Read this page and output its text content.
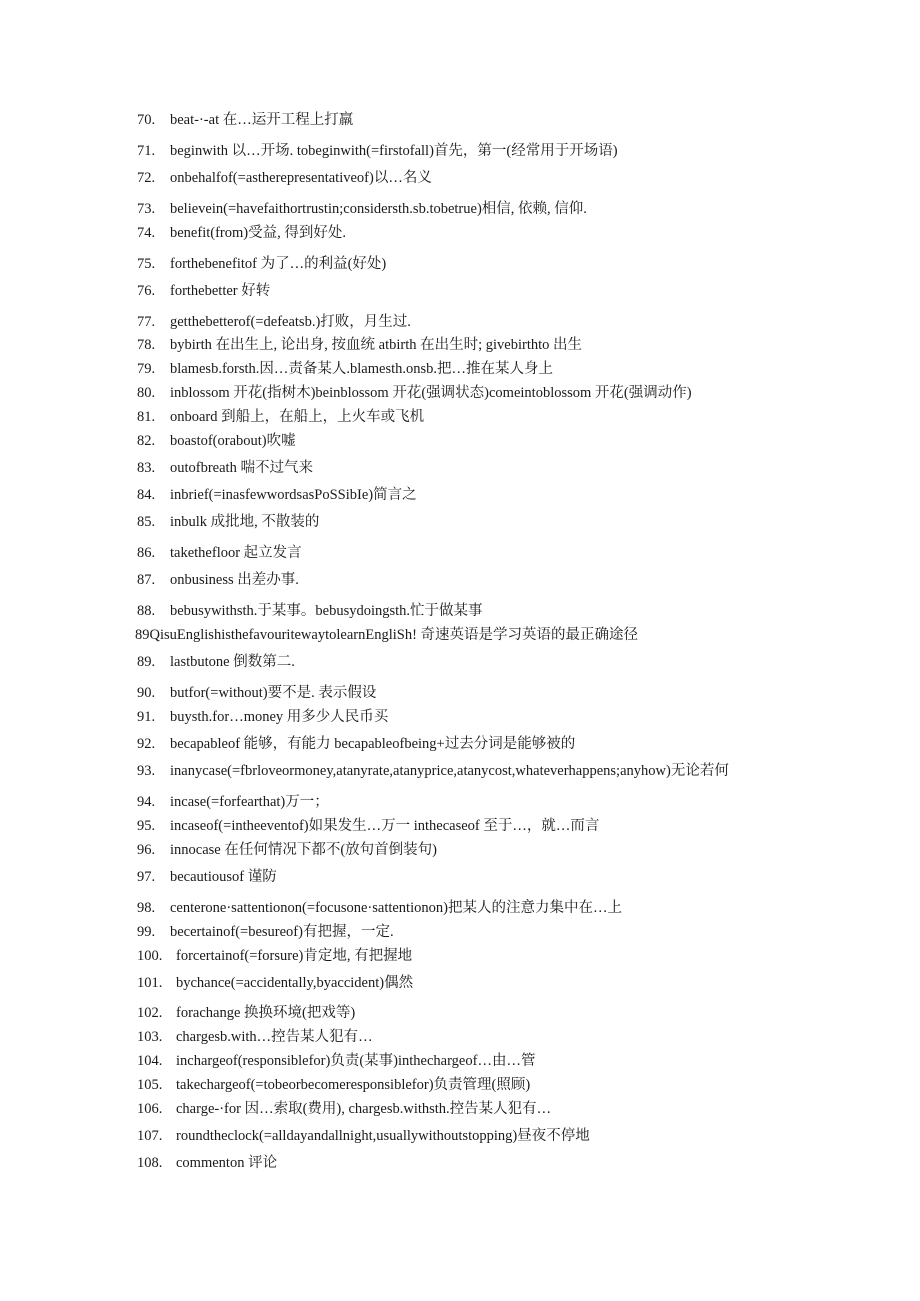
70. beat-·-at 在…运开工程上打羸
71. beginwith 以…开场. tobeginwith(=firstofall)首先，第一(经常用于开场语)
72. onbehalfof(=astherepresentativeof)以…名义
73. believein(=havefaithortrustin;considersth.sb.tobetrue)相信, 依赖, 信仰.
74. benefit(from)受益, 得到好处.
75. forthebenefitof 为了…的利益(好处)
76. forthebetter 好转
77. getthebetterof(=defeatsb.)打败，月生过.
78. bybirth 在出生上, 论出身, 按血统 atbirth 在出生时; givebirthto 出生
79. blamesb.forsth.因…责备某人.blamesth.onsb.把…推在某人身上
80. inblossom 开花(指树木)beinblossom 开花(强调状态)comeintoblossom 开花(强调动作)
81. onboard 到船上，在船上，上火车或飞机
82. boastof(orabout)吹嘘
83. outofbreath 喘不过气来
84. inbrief(=inasfewwordsasPoSSibIe)简言之
85. inbulk 成批地, 不散装的
86. takethefloor 起立发言
87. onbusiness 出差办事.
88. bebusywithsth.于某事。bebusydoingsth.忙于做某事
89QisuEnglishisthefavouritewaytolearnEngliSh! 奇速英语是学习英语的最正确途径
89. lastbutone 倒数第二.
90. butfor(=without)要不是. 表示假设
91. buysth.for…money 用多少人民币买
92. becapableof 能够，有能力 becapableofbeing+过去分词是能够被的
93. inanycase(=fbrloveormoney,atanyrate,atanyprice,atanycost,whateverhappens;anyhow)无论若何
94. incase(=forfearthat)万一；
95. incaseof(=intheeventof)如果发生…万一 inthecaseof 至于…，就…而言
96. innocase 在任何情况下都不(放句首倒装句)
97. becautiousof 谨防
98. centerone·sattentionon(=focusone·sattentionon)把某人的注意力集中在…上
99. becertainof(=besureof)有把握，一定.
100. forcertainof(=forsure)肯定地, 有把握地
101. bychance(=accidentally,byaccident)偶然
102. forachange 换换环境(把戏等)
103. chargesb.with…控告某人犯有…
104. inchargeof(responsiblefor)负责(某事)inthechargeof…由…管
105. takechargeof(=tobeorbecomeresponsiblefor)负责管理(照顾)
106. charge-·for 因…索取(费用), chargesb.withsth.控告某人犯有…
107. roundtheclock(=alldayandallnight,usuallywithoutstopping)昼夜不停地
108. commenton 评论
